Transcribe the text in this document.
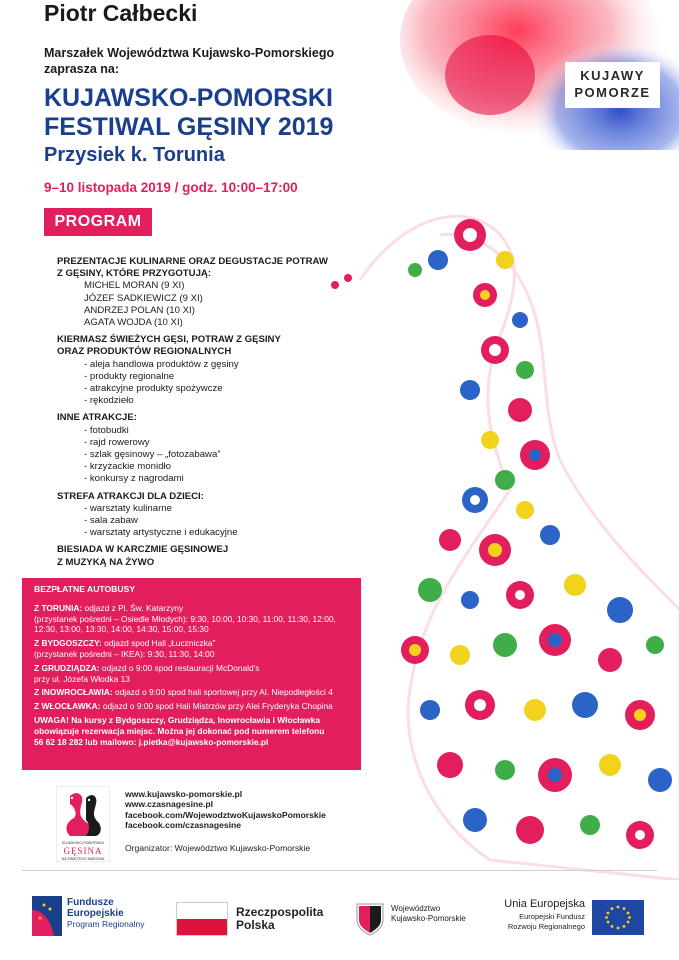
KUJAWY
POMORZE
Piotr Całbecki
Marszałek Województwa Kujawsko-Pomorskiego
zaprasza na:
KUJAWSKO-POMORSKI
FESTIWAL GĘSINY 2019
Przysiek k. Torunia
9–10 listopada 2019 / godz. 10:00–17:00
PROGRAM
PREZENTACJE KULINARNE ORAZ DEGUSTACJE POTRAW
Z GĘSINY, KTÓRE PRZYGOTUJĄ:
MICHEL MORAN (9 XI)
JÓZEF SADKIEWICZ (9 XI)
ANDRZEJ POLAN (10 XI)
AGATA WOJDA (10 XI)
KIERMASZ ŚWIEŻYCH GĘSI, POTRAW Z GĘSINY
ORAZ PRODUKTÓW REGIONALNYCH
- aleja handlowa produktów z gęsiny
- produkty regionalne
- atrakcyjne produkty spożywcze
- rękodzieło
INNE ATRAKCJE:
- fotobudki
- rajd rowerowy
- szlak gęsinowy – „fotozabawa”
- krzyżackie monidło
- konkursy z nagrodami
STREFA ATRAKCJI DLA DZIECI:
- warsztaty kulinarne
- sala zabaw
- warsztaty artystyczne i edukacyjne
BIESIADA W KARCZMIE GĘSINOWEJ
Z MUZYKĄ NA ŻYWO
BEZPŁATNE AUTOBUSY
Z TORUNIA: odjazd z Pl. Św. Katarzyny
(przystanek pośredni – Osiedle Młodych): 9:30, 10:00, 10:30, 11:00, 11:30, 12:00,
12:30, 13:00, 13:30, 14:00, 14:30, 15:00, 15:30
Z BYDGOSZCZY: odjazd spod Hali „Łuczniczka”
(przystanek pośredni – IKEA): 9:30, 11:30, 14:00
Z GRUDZIĄDZA: odjazd o 9:00 spod restauracji McDonald's
przy ul. Józefa Włodka 13
Z INOWROCŁAWIA: odjazd o 9:00 spod hali sportowej przy Al. Niepodległości 4
Z WŁOCŁAWKA: odjazd o 9:00 spod Hali Mistrzów przy Alei Fryderyka Chopina
UWAGA! Na kursy z Bydgoszczy, Grudziądza, Inowrocławia i Włocławka
obowiązuje rezerwacja miejsc. Można jej dokonać pod numerem telefonu
56 62 18 282 lub mailowo: j.pietka@kujawsko-pomorskie.pl
KUJAWSKO-POMORSKA
GĘSINA
NA ŚWIĘTEGO MARCINA
www.kujawsko-pomorskie.pl
www.czasnagesine.pl
facebook.com/WojewodztwoKujawskoPomorskie
facebook.com/czasnagesine
Organizator: Województwo Kujawsko-Pomorskie
Fundusze
Europejskie
Program Regionalny
Rzeczpospolita
Polska
Województwo
Kujawsko-Pomorskie
Unia Europejska
Europejski Fundusz
Rozwoju Regionalnego
